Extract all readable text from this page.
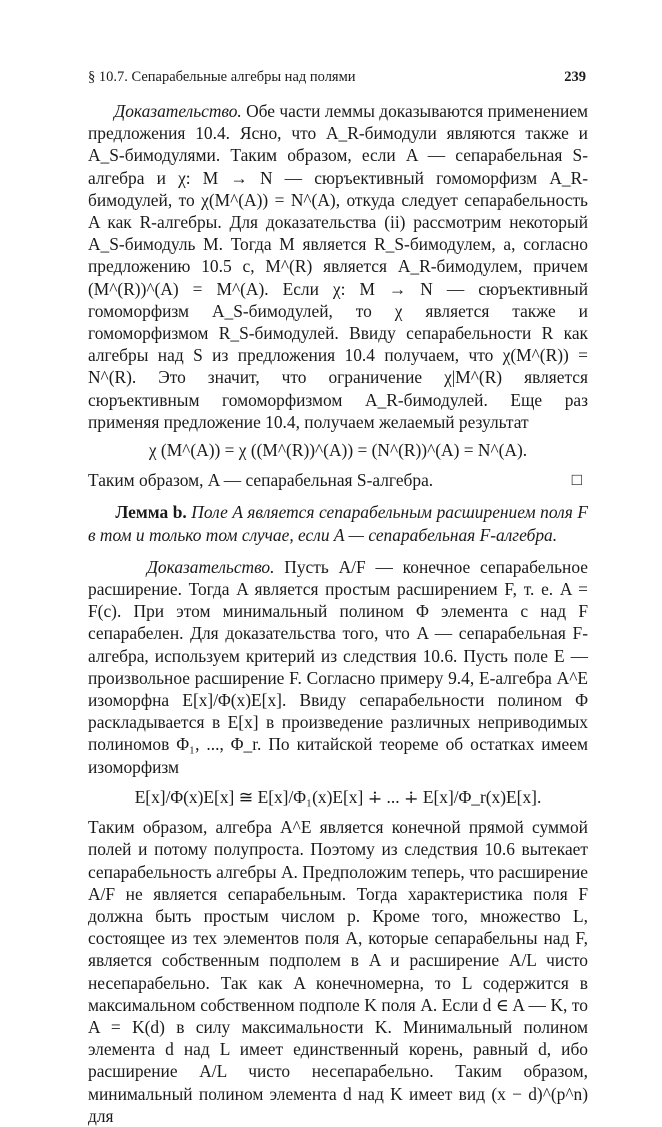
§ 10.7. Сепарабельные алгебры над полями	239

Доказательство. Обе части леммы доказываются применением предложения 10.4. Ясно, что A_R-бимодули являются также и A_S-бимодулями. Таким образом, если A — сепарабельная S-алгебра и χ: M → N — сюръективный гомоморфизм A_R-бимодулей, то χ(M^(A)) = N^(A), откуда следует сепарабельность A как R-алгебры. Для доказательства (ii) рассмотрим некоторый A_S-бимодуль M. Тогда M является R_S-бимодулем, а, согласно предложению 10.5 с, M^(R) является A_R-бимодулем, причем (M^(R))^(A) = M^(A). Если χ: M → N — сюръективный гомоморфизм A_S-бимодулей, то χ является также и гомоморфизмом R_S-бимодулей. Ввиду сепарабельности R как алгебры над S из предложения 10.4 получаем, что χ(M^(R)) = N^(R). Это значит, что ограничение χ|M^(R) является сюръективным гомоморфизмом A_R-бимодулей. Еще раз применяя предложение 10.4, получаем желаемый результат

χ (M^(A)) = χ ((M^(R))^(A)) = (N^(R))^(A) = N^(A).
Таким образом, A — сепарабельная S-алгебра.	□

Лемма b. Поле A является сепарабельным расширением поля F в том и только том случае, если A — сепарабельная F-алгебра.

Доказательство. Пусть A/F — конечное сепарабельное расширение. Тогда A является простым расширением F, т. е. A = F(c). При этом минимальный полином Φ элемента c над F сепарабелен. Для доказательства того, что A — сепарабельная F-алгебра, используем критерий из следствия 10.6. Пусть поле E — произвольное расширение F. Согласно примеру 9.4, E-алгебра A^E изоморфна E[x]/Φ(x)E[x]. Ввиду сепарабельности полином Φ раскладывается в E[x] в произведение различных неприводимых полиномов Φ₁, ..., Φ_r. По китайской теореме об остатках имеем изоморфизм

E[x]/Φ(x)E[x] ≅ E[x]/Φ₁(x)E[x] ∔ ... ∔ E[x]/Φ_r(x)E[x].

Таким образом, алгебра A^E является конечной прямой суммой полей и потому полупроста. Поэтому из следствия 10.6 вытекает сепарабельность алгебры A. Предположим теперь, что расширение A/F не является сепарабельным. Тогда характеристика поля F должна быть простым числом p. Кроме того, множество L, состоящее из тех элементов поля A, которые сепарабельны над F, является собственным подполем в A и расширение A/L чисто несепарабельно. Так как A конечномерна, то L содержится в максимальном собственном подполе K поля A. Если d ∈ A — K, то A = K(d) в силу максимальности K. Минимальный полином элемента d над L имеет единственный корень, равный d, ибо расширение A/L чисто несепарабельно. Таким образом, минимальный полином элемента d над K имеет вид (x − d)^(p^n) для
